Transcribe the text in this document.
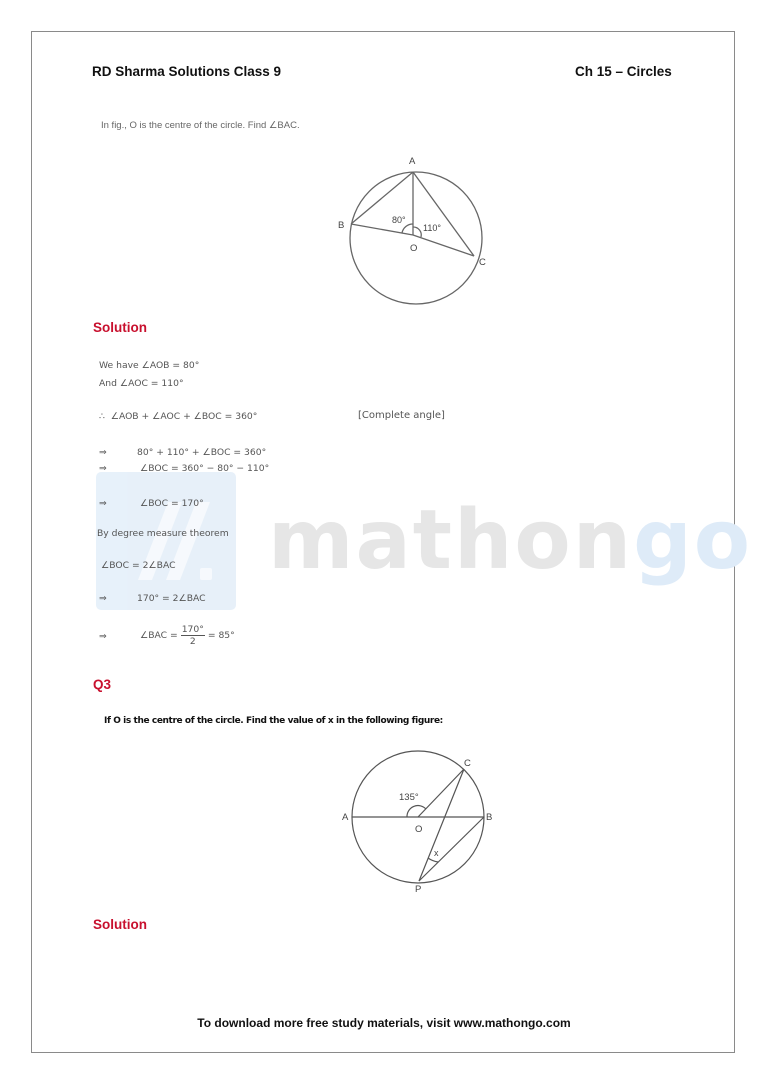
mathongo
RD Sharma Solutions Class 9	Ch 15 – Circles
In fig., O is the centre of the circle. Find ∠BAC.
A
B
C
O
80°
110°
Solution
We have ∠AOB = 80°
And ∠AOC = 110°
∴ ∠AOB + ∠AOC + ∠BOC = 360°	[Complete angle]
⇒	80° + 110° + ∠BOC = 360°
⇒	∠BOC = 360° − 80° − 110°
⇒	∠BOC = 170°
By degree measure theorem
∠BOC = 2∠BAC
⇒	170° = 2∠BAC
⇒	∠BAC = $\frac{170^\circ}{2} = 85^\circ$
Q3
If O is the centre of the circle. Find the value of x in the following figure:
A	B
C
O
P
x
135°
Solution
To download more free study materials, visit www.mathongo.com
